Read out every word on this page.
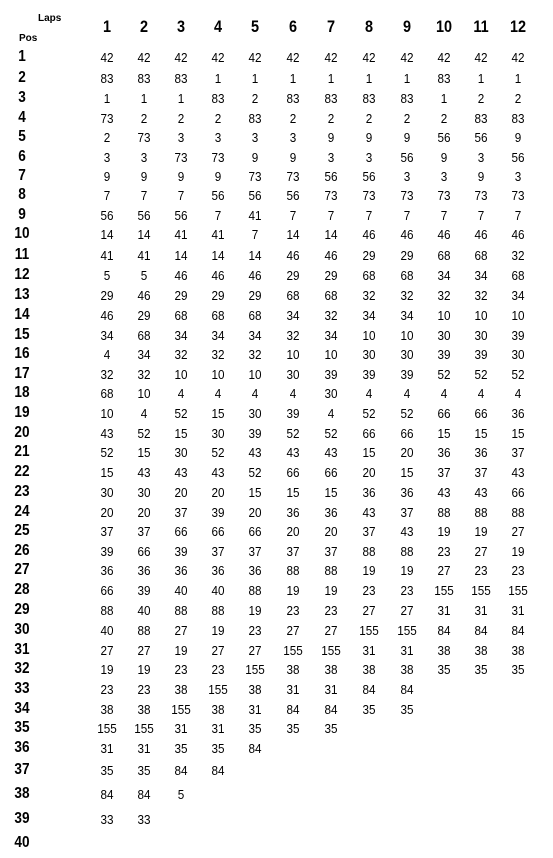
Laps
Pos
1	2	3	4	5	6	7	8	9	10	11	12
1	42	42	42	42	42	42	42	42	42	42	42	42
2	83	83	83	1	1	1	1	1	1	83	1	1
3	1	1	1	83	2	83	83	83	83	1	2	2
4	73	2	2	2	83	2	2	2	2	2	83	83
5	2	73	3	3	3	3	9	9	9	56	56	9
6	3	3	73	73	9	9	3	3	56	9	3	56
7	9	9	9	9	73	73	56	56	3	3	9	3
8	7	7	7	56	56	56	73	73	73	73	73	73
9	56	56	56	7	41	7	7	7	7	7	7	7
10	14	14	41	41	7	14	14	46	46	46	46	46
11	41	41	14	14	14	46	46	29	29	68	68	32
12	5	5	46	46	46	29	29	68	68	34	34	68
13	29	46	29	29	29	68	68	32	32	32	32	34
14	46	29	68	68	68	34	32	34	34	10	10	10
15	34	68	34	34	34	32	34	10	10	30	30	39
16	4	34	32	32	32	10	10	30	30	39	39	30
17	32	32	10	10	10	30	39	39	39	52	52	52
18	68	10	4	4	4	4	30	4	4	4	4	4
19	10	4	52	15	30	39	4	52	52	66	66	36
20	43	52	15	30	39	52	52	66	66	15	15	15
21	52	15	30	52	43	43	43	15	20	36	36	37
22	15	43	43	43	52	66	66	20	15	37	37	43
23	30	30	20	20	15	15	15	36	36	43	43	66
24	20	20	37	39	20	36	36	43	37	88	88	88
25	37	37	66	66	66	20	20	37	43	19	19	27
26	39	66	39	37	37	37	37	88	88	23	27	19
27	36	36	36	36	36	88	88	19	19	27	23	23
28	66	39	40	40	88	19	19	23	23	155	155	155
29	88	40	88	88	19	23	23	27	27	31	31	31
30	40	88	27	19	23	27	27	155	155	84	84	84
31	27	27	19	27	27	155	155	31	31	38	38	38
32	19	19	23	23	155	38	38	38	38	35	35	35
33	23	23	38	155	38	31	31	84	84
34	38	38	155	38	31	84	84	35	35
35	155	155	31	31	35	35	35
36	31	31	35	35	84
37	35	35	84	84
38	84	84	5
39	33	33
40
